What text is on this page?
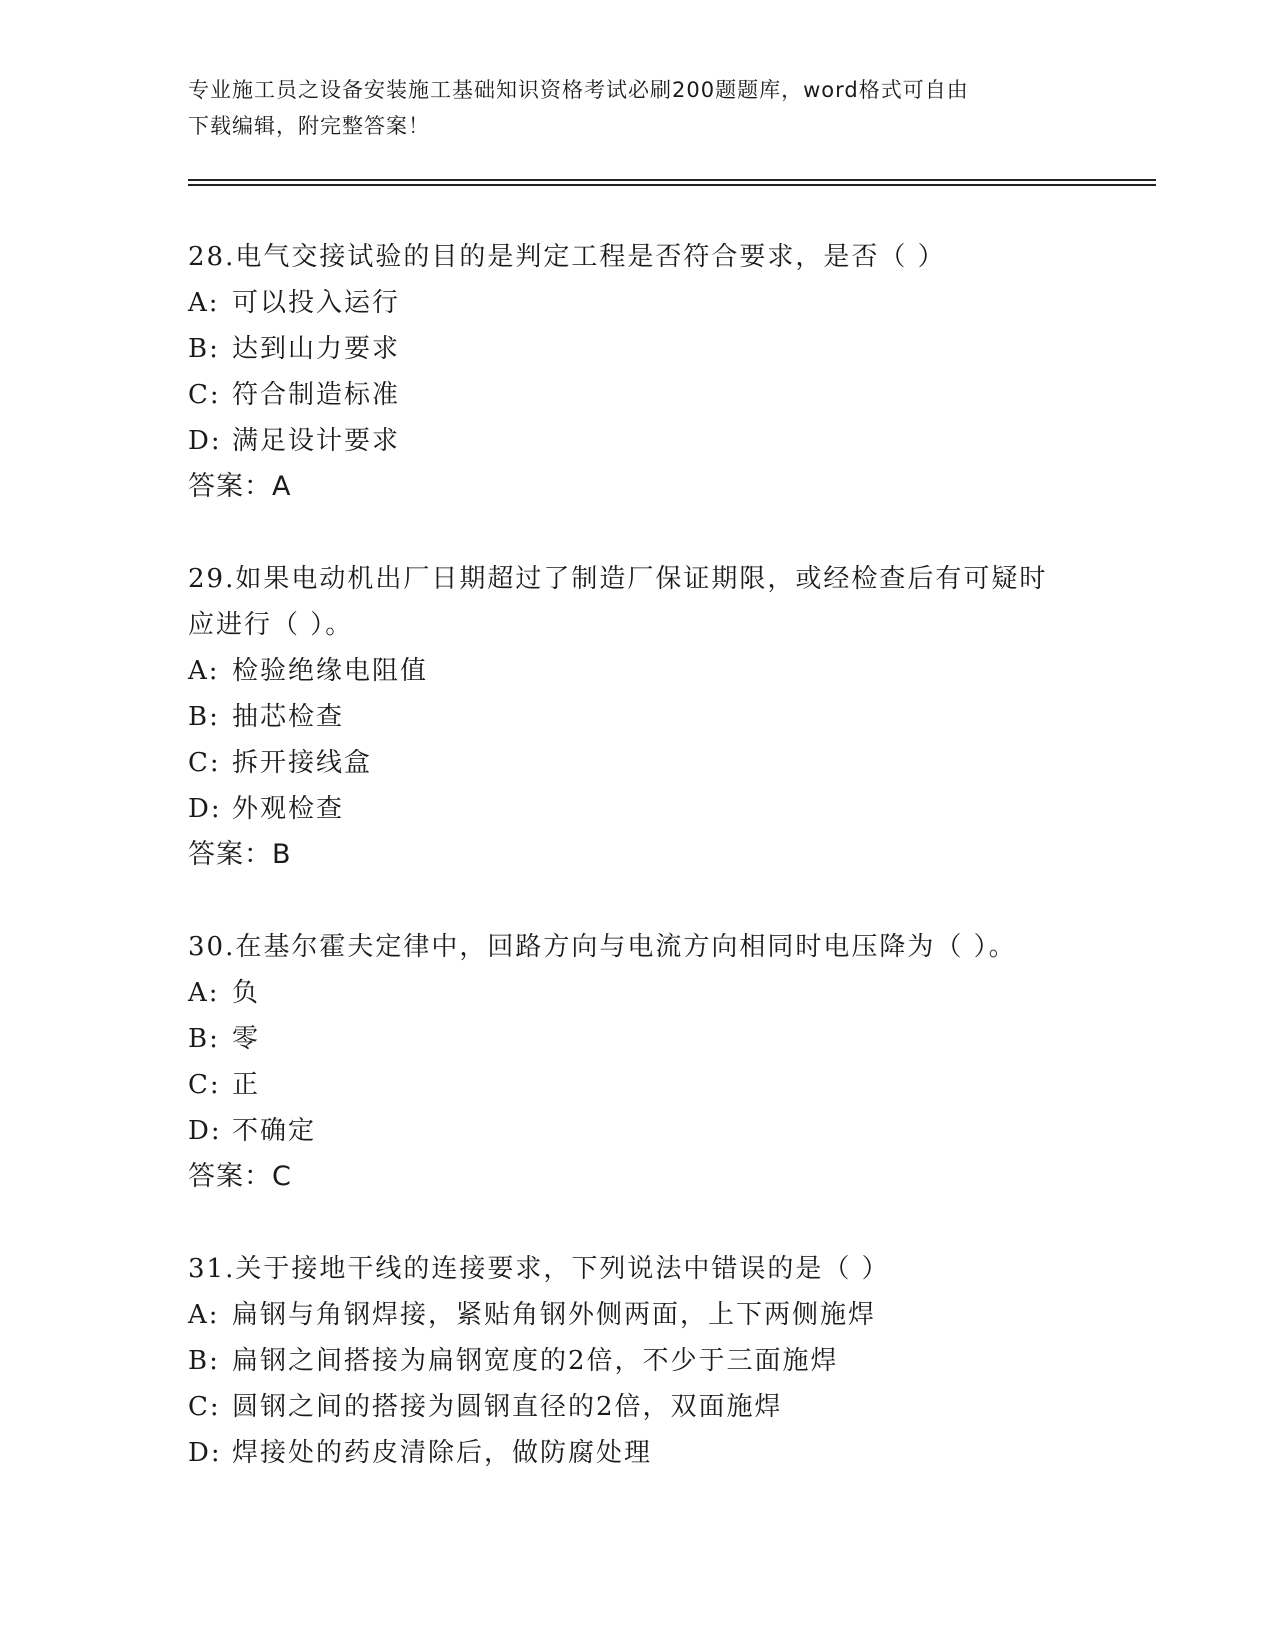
专业施工员之设备安装施工基础知识资格考试必刷200题题库，word格式可自由
下载编辑，附完整答案！
28.电气交接试验的目的是判定工程是否符合要求，是否（ ）
A: 可以投入运行
B: 达到山力要求
C: 符合制造标准
D: 满足设计要求
答案：A
29.如果电动机出厂日期超过了制造厂保证期限，或经检查后有可疑时
应进行（ ）。
A: 检验绝缘电阻值
B: 抽芯检查
C: 拆开接线盒
D: 外观检查
答案：B
30.在基尔霍夫定律中，回路方向与电流方向相同时电压降为（ ）。
A: 负
B: 零
C: 正
D: 不确定
答案：C
31.关于接地干线的连接要求，下列说法中错误的是（ ）
A: 扁钢与角钢焊接，紧贴角钢外侧两面，上下两侧施焊
B: 扁钢之间搭接为扁钢宽度的2倍，不少于三面施焊
C: 圆钢之间的搭接为圆钢直径的2倍，双面施焊
D: 焊接处的药皮清除后，做防腐处理
